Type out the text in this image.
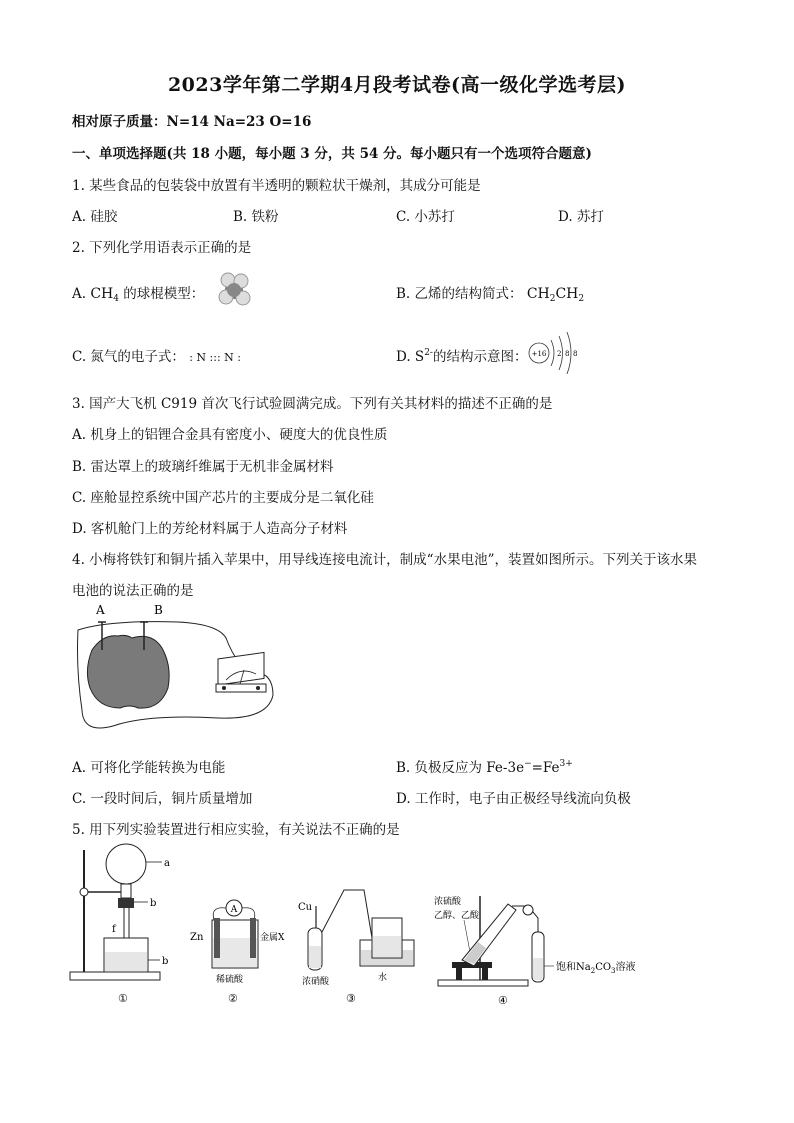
2023学年第二学期4月段考试卷(高一级化学选考层)
相对原子质量：N=14 Na=23 O=16
一、单项选择题(共 18 小题，每小题 3 分，共 54 分。每小题只有一个选项符合题意)
1. 某些食品的包装袋中放置有半透明的颗粒状干燥剂，其成分可能是
A. 硅胶	B. 铁粉	C. 小苏打	D. 苏打
2. 下列化学用语表示正确的是
A. $CH_4$ 的球棍模型：	B. 乙烯的结构简式： $CH_2CH_2$
C. 氮气的电子式： : N ::: N :	D. $S^{2-}$的结构示意图： +16 2 8 8
3. 国产大飞机 C919 首次飞行试验圆满完成。下列有关其材料的描述不正确的是
A. 机身上的铝锂合金具有密度小、硬度大的优良性质
B. 雷达罩上的玻璃纤维属于无机非金属材料
C. 座舱显控系统中国产芯片的主要成分是二氧化硅
D. 客机舱门上的芳纶材料属于人造高分子材料
4. 小梅将铁钉和铜片插入苹果中，用导线连接电流计，制成“水果电池”，装置如图所示。下列关于该水果
电池的说法正确的是
A	B
A. 可将化学能转换为电能	B. 负极反应为 $Fe-3e^-=Fe^{3+}$
C. 一段时间后，铜片质量增加	D. 工作时，电子由正极经导线流向负极
5. 用下列实验装置进行相应实验，有关说法不正确的是
a
b
f
b
①
A
Zn	金属X
稀硫酸
②
Cu
浓硝酸	水
③
浓硫酸
乙醇、乙酸
饱和$Na_2CO_3$溶液
④
